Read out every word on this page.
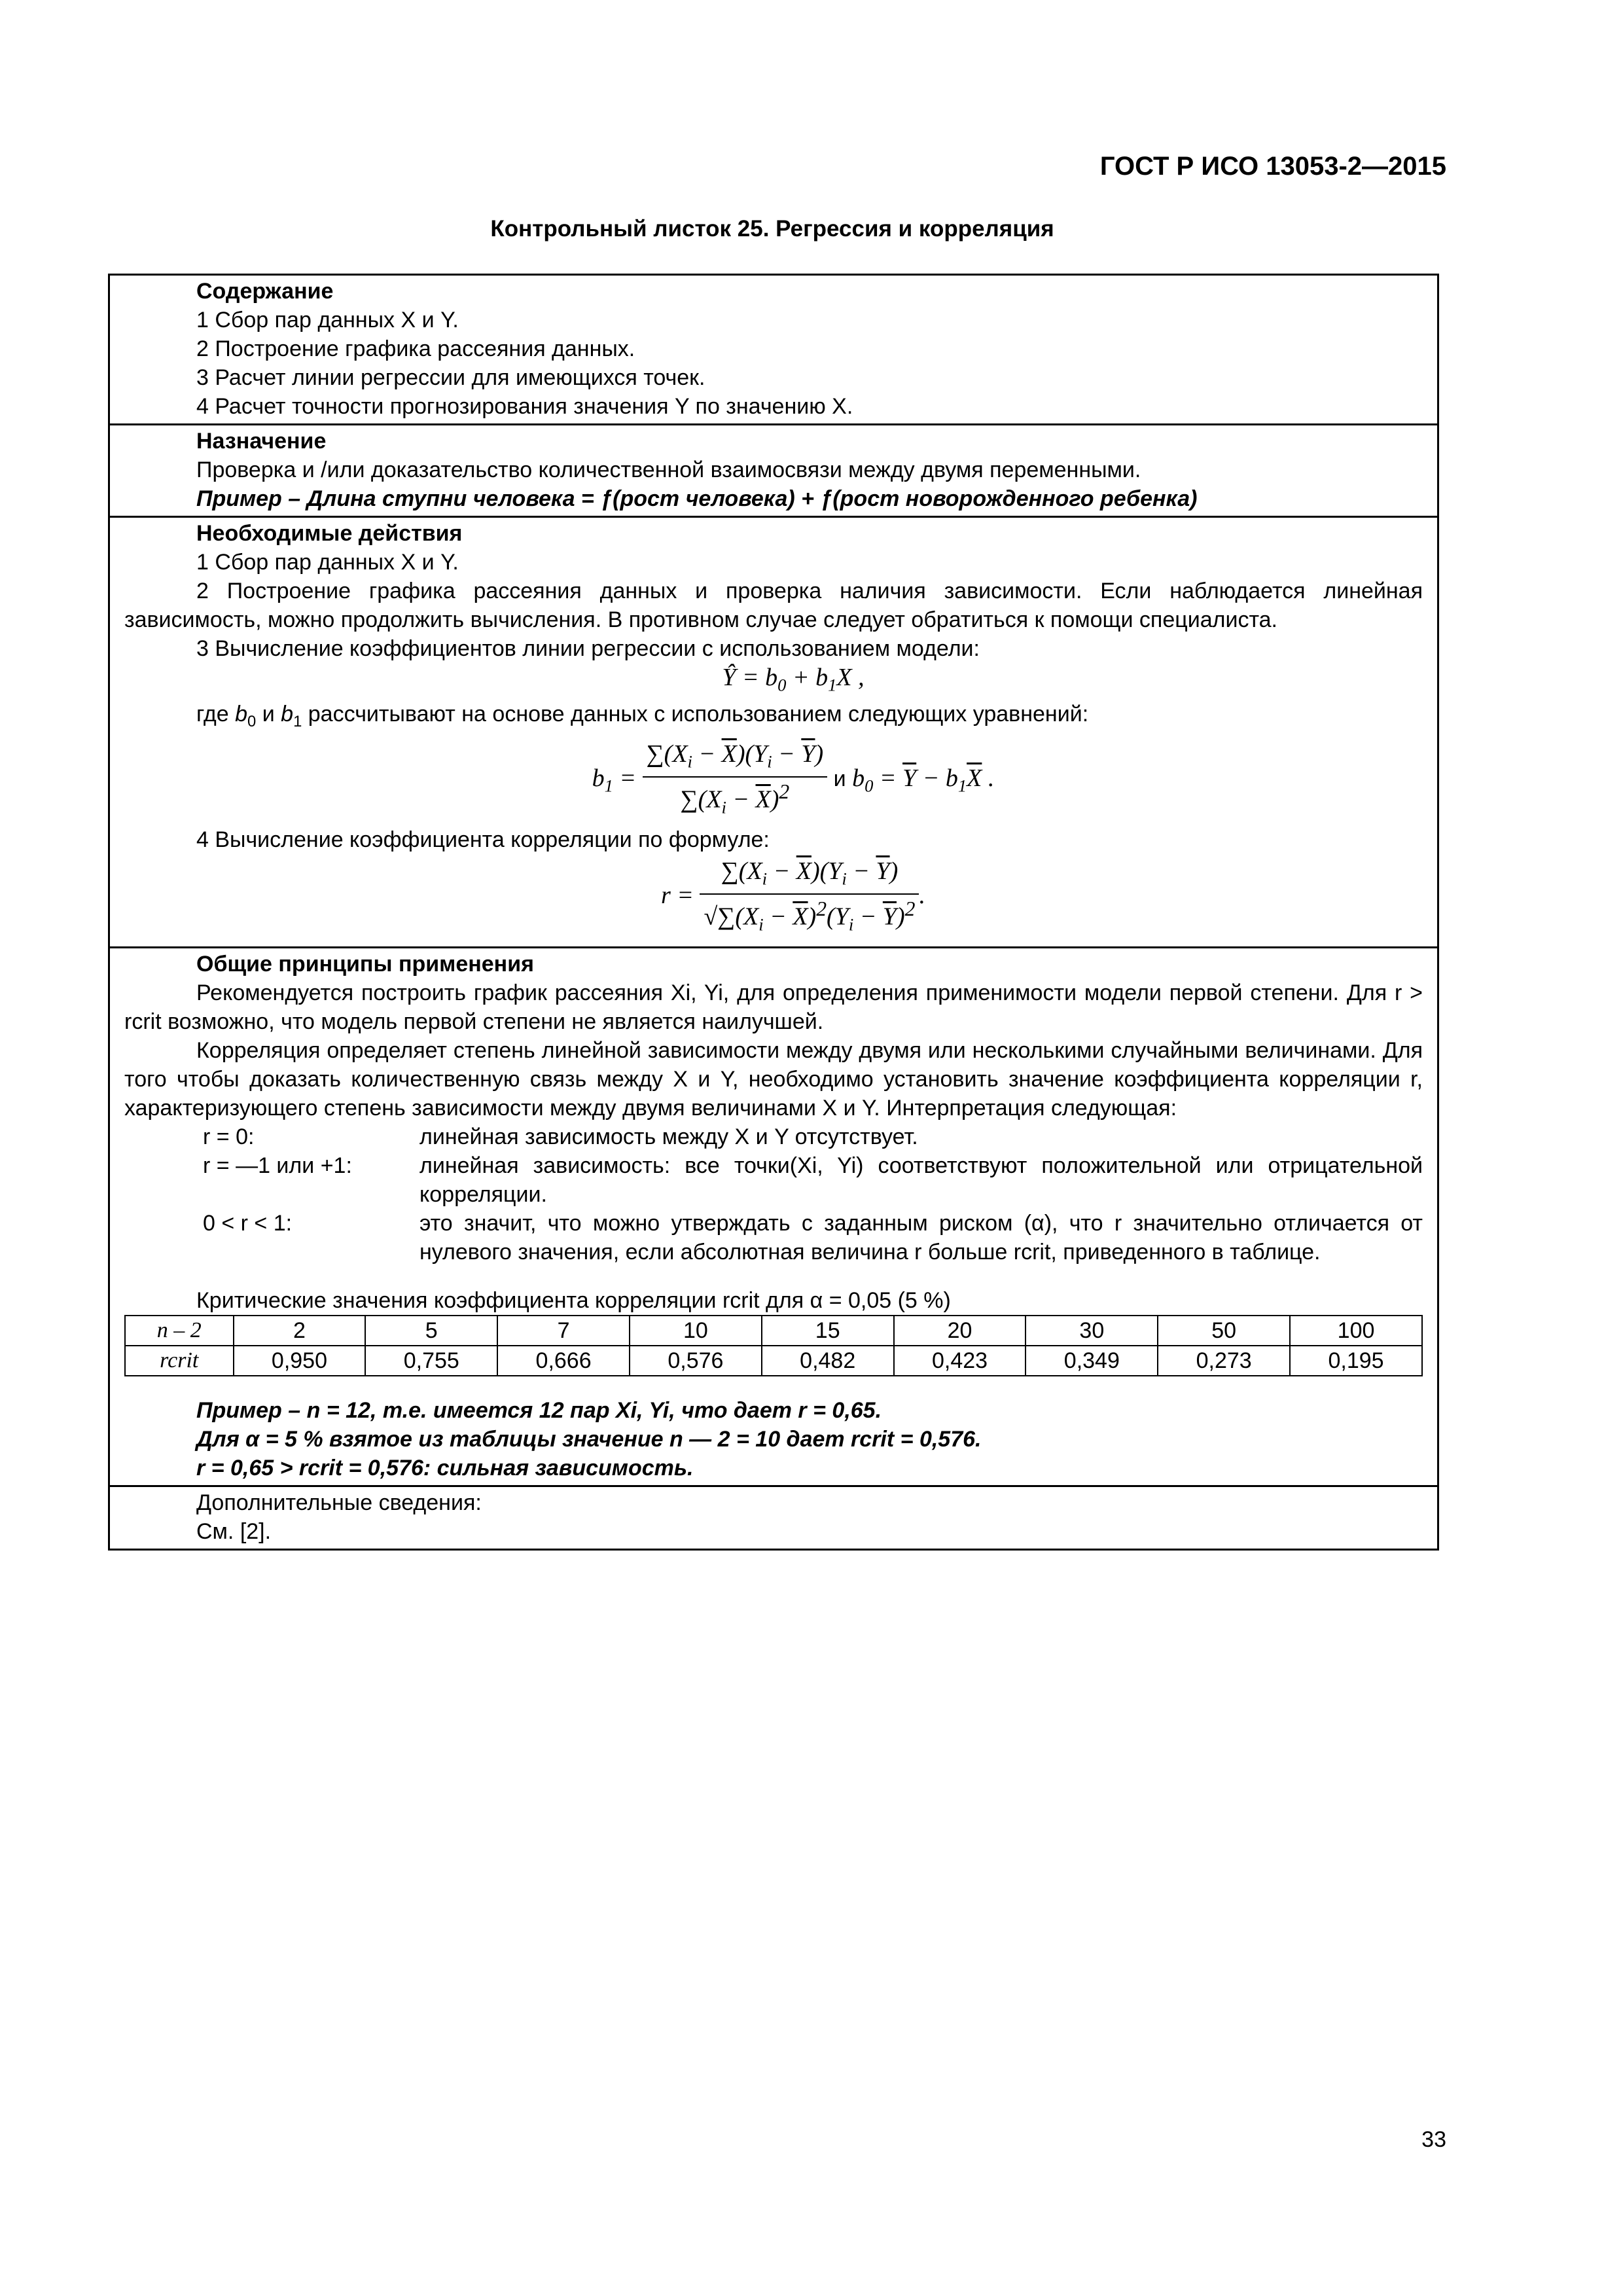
ГОСТ Р ИСО 13053-2—2015
Контрольный листок 25. Регрессия и корреляция
Содержание
1 Сбор пар данных X и Y.
2 Построение графика рассеяния данных.
3 Расчет линии регрессии для имеющихся точек.
4 Расчет точности прогнозирования значения Y по значению X.
Назначение
Проверка и /или доказательство количественной взаимосвязи между двумя переменными.
Пример – Длина ступни человека = ƒ(рост человека) + ƒ(рост новорожденного ребенка)
Необходимые действия
1 Сбор пар данных X и Y.
2 Построение графика рассеяния данных и проверка наличия зависимости. Если наблюдается линейная зависимость, можно продолжить вычисления. В противном случае следует обратиться к помощи специалиста.
3 Вычисление коэффициентов линии регрессии с использованием модели:
Ŷ = $b_0 + b_1X$ ,
где $b_0$ и $b_1$ рассчитывают на основе данных с использованием следующих уравнений:
$b_1 = \frac{\sum(X_i - \overline{X})(Y_i - \overline{Y})}{\sum(X_i - \overline{X})^2}$ и $b_0 = \overline{Y} - b_1\overline{X}$ .
4 Вычисление коэффициента корреляции по формуле:
$r = \frac{\sum(X_i - \overline{X})(Y_i - \overline{Y})}{√\sum(X_i - \overline{X})^2(Y_i - \overline{Y})^2}$ .
Общие принципы применения
Рекомендуется построить график рассеяния Xi, Yi, для определения применимости модели первой степени. Для r > rcrit возможно, что модель первой степени не является наилучшей.
Корреляция определяет степень линейной зависимости между двумя или несколькими случайными величинами. Для того чтобы доказать количественную связь между X и Y, необходимо установить значение коэффициента корреляции r, характеризующего степень зависимости между двумя величинами X и Y. Интерпретация следующая:
r = 0:	линейная зависимость между X и Y отсутствует.
r = —1 или +1:	линейная зависимость: все точки(Xi, Yi) соответствуют положительной или отрицательной корреляции.
0 < r < 1:	это значит, что можно утверждать с заданным риском (α), что r значительно отличается от нулевого значения, если абсолютная величина r больше rcrit, приведенного в таблице.
Критические значения коэффициента корреляции rcrit для α = 0,05 (5 %)
n – 2	2	5	7	10	15	20	30	50	100
rcrit	0,950	0,755	0,666	0,576	0,482	0,423	0,349	0,273	0,195
Пример – n = 12, т.е. имеется 12 пар Xi, Yi, что дает r = 0,65.
Для α = 5 % взятое из таблицы значение n — 2 = 10 дает rcrit = 0,576.
r = 0,65 > rcrit = 0,576: сильная зависимость.
Дополнительные сведения:
См. [2].
33
